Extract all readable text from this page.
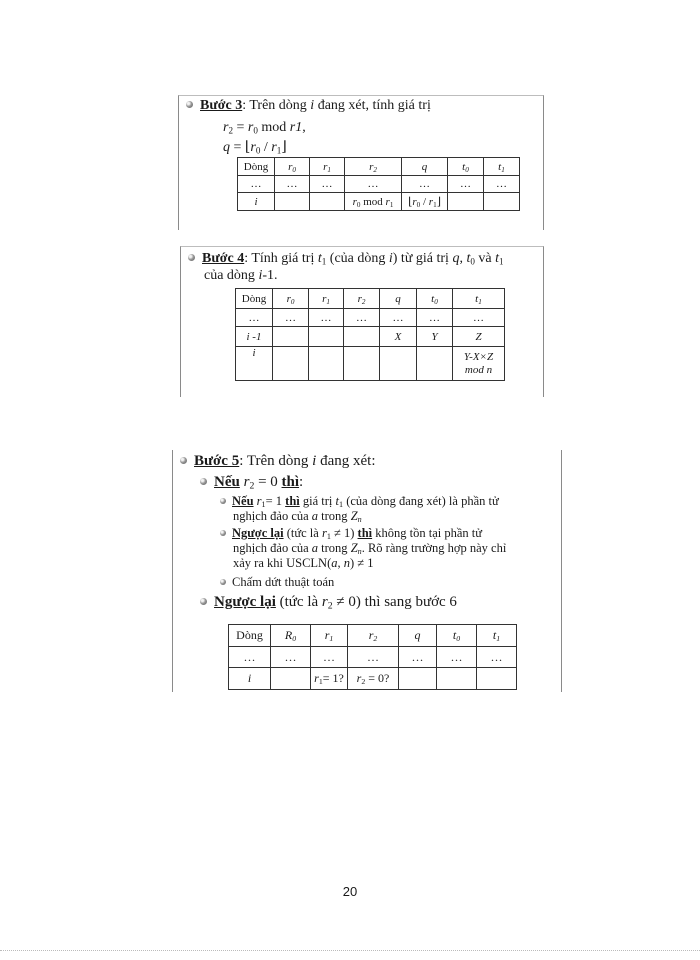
Bước 3: Trên dòng i đang xét, tính giá trị
$r_2 = r_0$ mod r1,
$q = ⌊r_0$ / $r_1⌋$
Dòng	$r_0$	$r_1$	$r_2$	q	$t_0$	$t_1$
…	…	…	…	…	…	…
i			$r_0$ mod $r_1$	$⌊r_0$ / $r_1⌋$		
Bước 4: Tính giá trị $t_1$ (của dòng i) từ giá trị q, $t_0$ và $t_1$
của dòng i-1.
Dòng	$r_0$	$r_1$	$r_2$	q	$t_0$	$t_1$
…	…	…	…	…	…	…
i -1				X	Y	Z
i						Y-X×Z mod n
Bước 5: Trên dòng i đang xét:
Nếu $r_2 = 0$ thì:
Nếu $r_1= 1$ thì giá trị $t_1$ (của dòng đang xét) là phần tử
nghịch đảo của a trong $Z_n$
Ngược lại (tức là $r_1 \ne 1$) thì không tồn tại phần tử
nghịch đảo của a trong $Z_n$. Rõ ràng trường hợp này chỉ
xảy ra khi USCLN(a, n) ≠ 1
Chấm dứt thuật toán
Ngược lại (tức là $r_2 \ne 0$) thì sang bước 6
Dòng	$R_0$	$r_1$	$r_2$	q	$t_0$	$t_1$
…	…	…	…	…	…	…
i		$r_1= 1$?	$r_2 = 0$?			
20
